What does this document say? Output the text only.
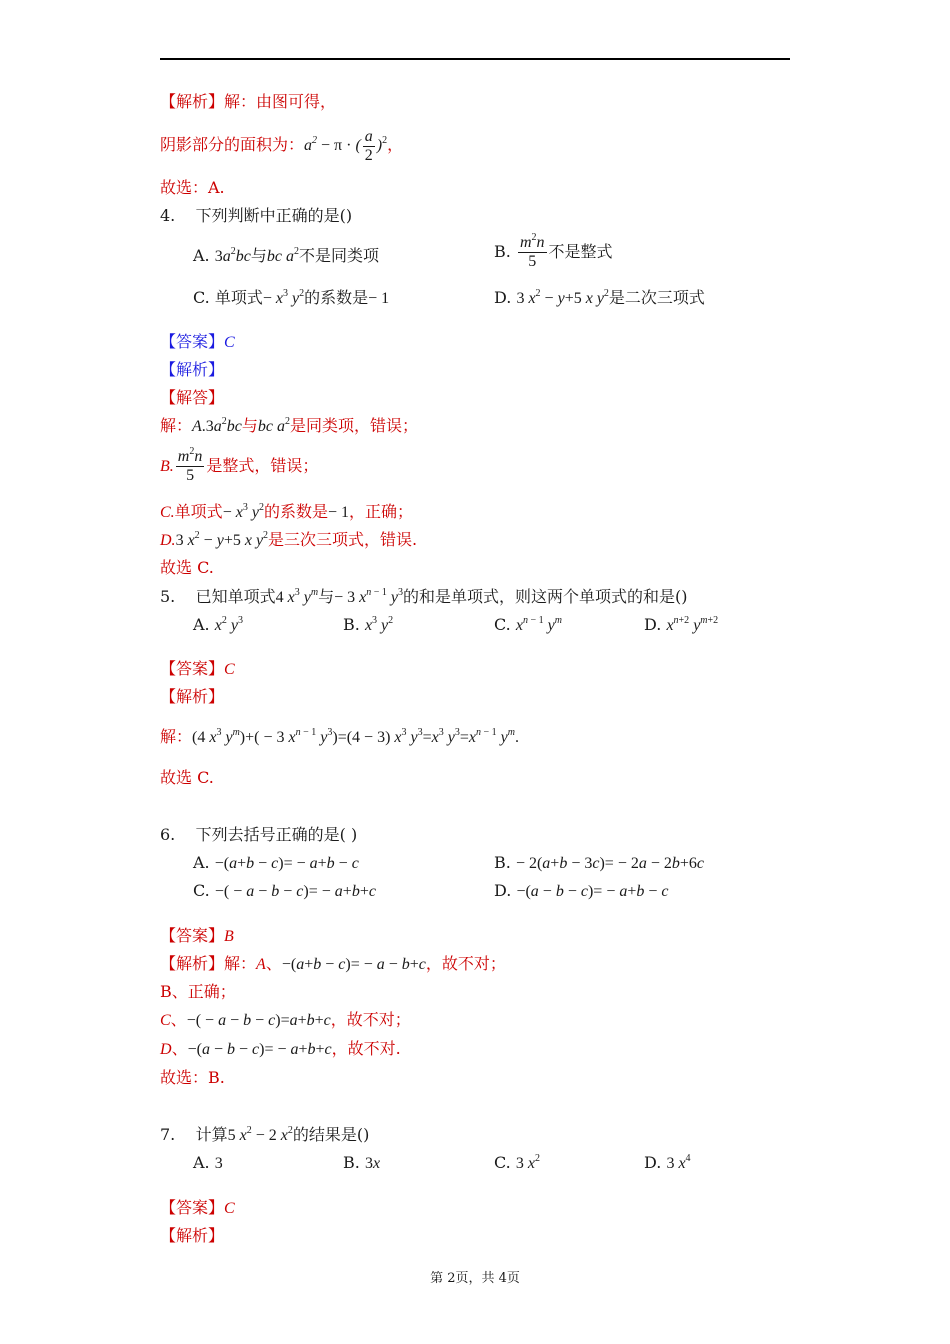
【解析】解：由图可得，
阴影部分的面积为：$a^2 - \pi$ · ( $\frac{a}{2} )^2$，
故选：A.
4. 下列判断中正确的是()
A. $3a^2bc$与bc $a^2$不是同类项	B. $\frac{m^2n}{5}$ 不是整式
C. 单项式− $x^3$ $y^2$的系数是− 1	D. 3 $x^2 - y+5$ x $y^2$是二次三项式
【答案】C
【解析】
【解答】
解：$A.3a^2bc$与bc $a^2$是同类项，错误；
B. $\frac{m^2n}{5}$ 是整式，错误；
C.单项式− $x^3$ $y^2$的系数是− 1，正确；
D.3 $x^2 - y+5$ x $y^2$是三次三项式，错误.
故选 C.
5. 已知单项式4 $x^3$ $y^m$与− 3 $x^{n - 1}$ $y^3$的和是单项式，则这两个单项式的和是()
A. $x^2$ $y^3$	B. $x^3$ $y^2$	C. $x^{n - 1}$ $y^m$	D. $x^{n+2}$ $y^{m+2}$
【答案】C
【解析】
解：(4 $x^3$ $y^m)+( - 3$ $x^{n - 1}$ $y^3)=(4 - 3)$ $x^3$ $y^3=x^3$ $y^3=x^{n - 1}$ $y^m$.
故选 C.
6. 下列去括号正确的是( )
A. −(a+b − c)= − a+b − c	B. − 2(a+b − 3c)= − 2a − 2b+6c
C. −( − a − b − c)= − a+b+c	D. −(a − b − c)= − a+b − c
【答案】B
【解析】解：A、−(a+b − c)= − a − b+c，故不对；
B、正确；
C、−( − a − b − c)=a+b+c，故不对；
D、−(a − b − c)= − a+b+c，故不对.
故选：B.
7. 计算5 $x^2 - 2$ $x^2$的结果是()
A. 3	B. 3x	C. 3 $x^2$	D. 3 $x^4$
【答案】C
【解析】
第 2页，共 4页
